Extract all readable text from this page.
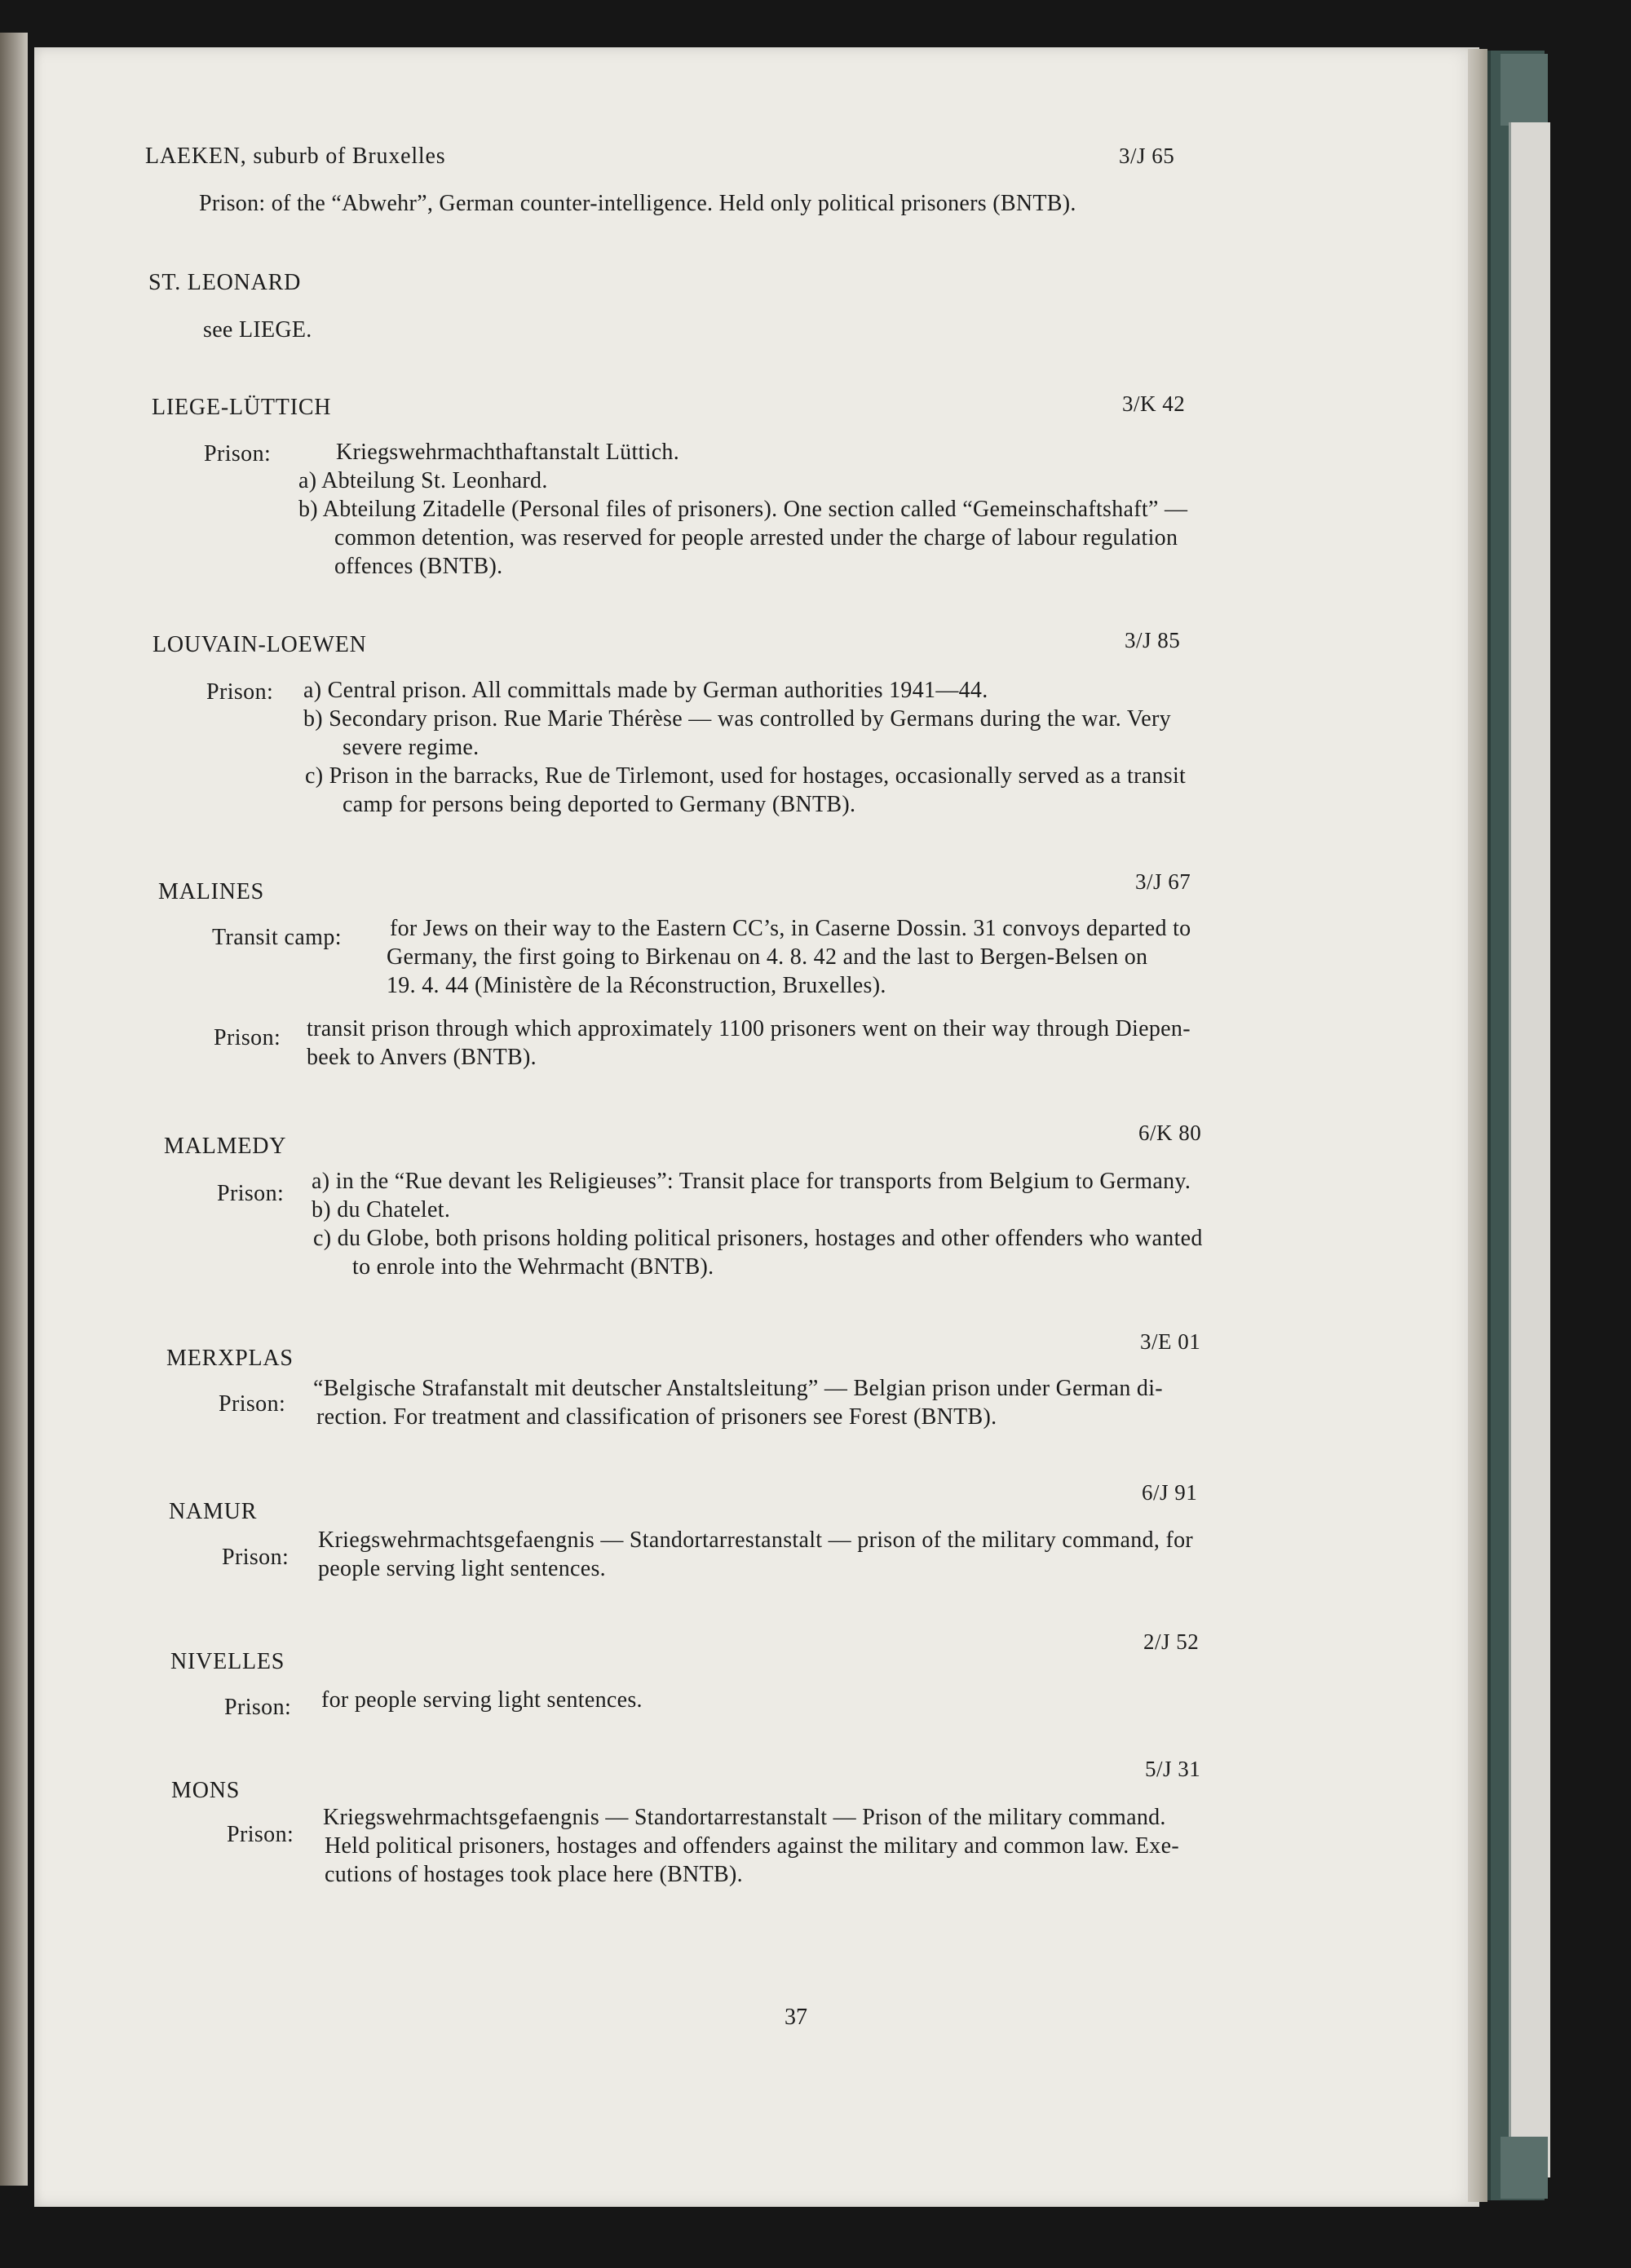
LAEKEN, suburb of Bruxelles	3/J 65
Prison: of the “Abwehr”, German counter-intelligence. Held only political prisoners (BNTB).
ST. LEONARD
see LIEGE.
LIEGE-LÜTTICH	3/K 42
Prison:	Kriegswehrmachthaftanstalt Lüttich.
a) Abteilung St. Leonhard.
b) Abteilung Zitadelle (Personal files of prisoners). One section called “Gemeinschaftshaft” —
common detention, was reserved for people arrested under the charge of labour regulation
offences (BNTB).
LOUVAIN-LOEWEN	3/J 85
Prison: a) Central prison. All committals made by German authorities 1941—44.
b) Secondary prison. Rue Marie Thérèse — was controlled by Germans during the war. Very
severe regime.
c) Prison in the barracks, Rue de Tirlemont, used for hostages, occasionally served as a transit
camp for persons being deported to Germany (BNTB).
MALINES	3/J 67
Transit camp: for Jews on their way to the Eastern CC’s, in Caserne Dossin. 31 convoys departed to
Germany, the first going to Birkenau on 4. 8. 42 and the last to Bergen-Belsen on
19. 4. 44 (Ministère de la Réconstruction, Bruxelles).
Prison: transit prison through which approximately 1100 prisoners went on their way through Diepen-
beek to Anvers (BNTB).
MALMEDY
6/K 80
Prison: a) in the “Rue devant les Religieuses”: Transit place for transports from Belgium to Germany.
b) du Chatelet.
c) du Globe, both prisons holding political prisoners, hostages and other offenders who wanted
to enrole into the Wehrmacht (BNTB).
MERXPLAS
3/E 01
Prison:
“Belgische Strafanstalt mit deutscher Anstaltsleitung” — Belgian prison under German di-
rection. For treatment and classification of prisoners see Forest (BNTB).
NAMUR
6/J 91
Prison:
Kriegswehrmachtsgefaengnis — Standortarrestanstalt — prison of the military command, for
people serving light sentences.
NIVELLES
2/J 52
Prison: for people serving light sentences.
MONS
5/J 31
Prison:
Kriegswehrmachtsgefaengnis — Standortarrestanstalt — Prison of the military command.
Held political prisoners, hostages and offenders against the military and common law. Exe-
cutions of hostages took place here (BNTB).
37
